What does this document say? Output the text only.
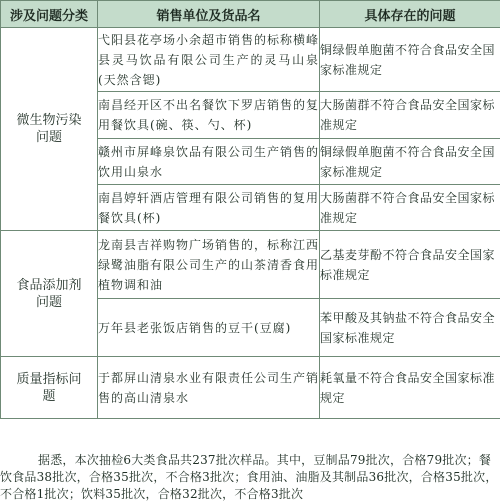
涉及问题分类	销售单位及货品名	具体存在的问题
微生物污染问题	弋阳县花亭场小余超市销售的标称横峰县灵马饮品有限公司生产的灵马山泉(天然含锶)	铜绿假单胞菌不符合食品安全国家标准规定
	南昌经开区不出名餐饮下罗店销售的复用餐饮具(碗、筷、勺、杯)	大肠菌群不符合食品安全国家标准规定
	赣州市屏峰泉饮品有限公司生产销售的饮用山泉水	铜绿假单胞菌不符合食品安全国家标准规定
	南昌婷轩酒店管理有限公司销售的复用餐饮具(杯)	大肠菌群不符合食品安全国家标准规定
食品添加剂问题	龙南县吉祥购物广场销售的，标称江西绿鹭油脂有限公司生产的山茶清香食用植物调和油	乙基麦芽酚不符合食品安全国家标准规定
	万年县老张饭店销售的豆干(豆腐)	苯甲酸及其钠盐不符合食品安全国家标准规定
质量指标问题	于都屏山清泉水业有限责任公司生产销售的高山清泉水	耗氧量不符合食品安全国家标准规定

据悉，本次抽检6大类食品共237批次样品。其中，豆制品79批次，合格79批次；餐饮食品38批次，合格35批次，不合格3批次；食用油、油脂及其制品36批次，合格35批次，不合格1批次；饮料35批次，合格32批次，不合格3批次
